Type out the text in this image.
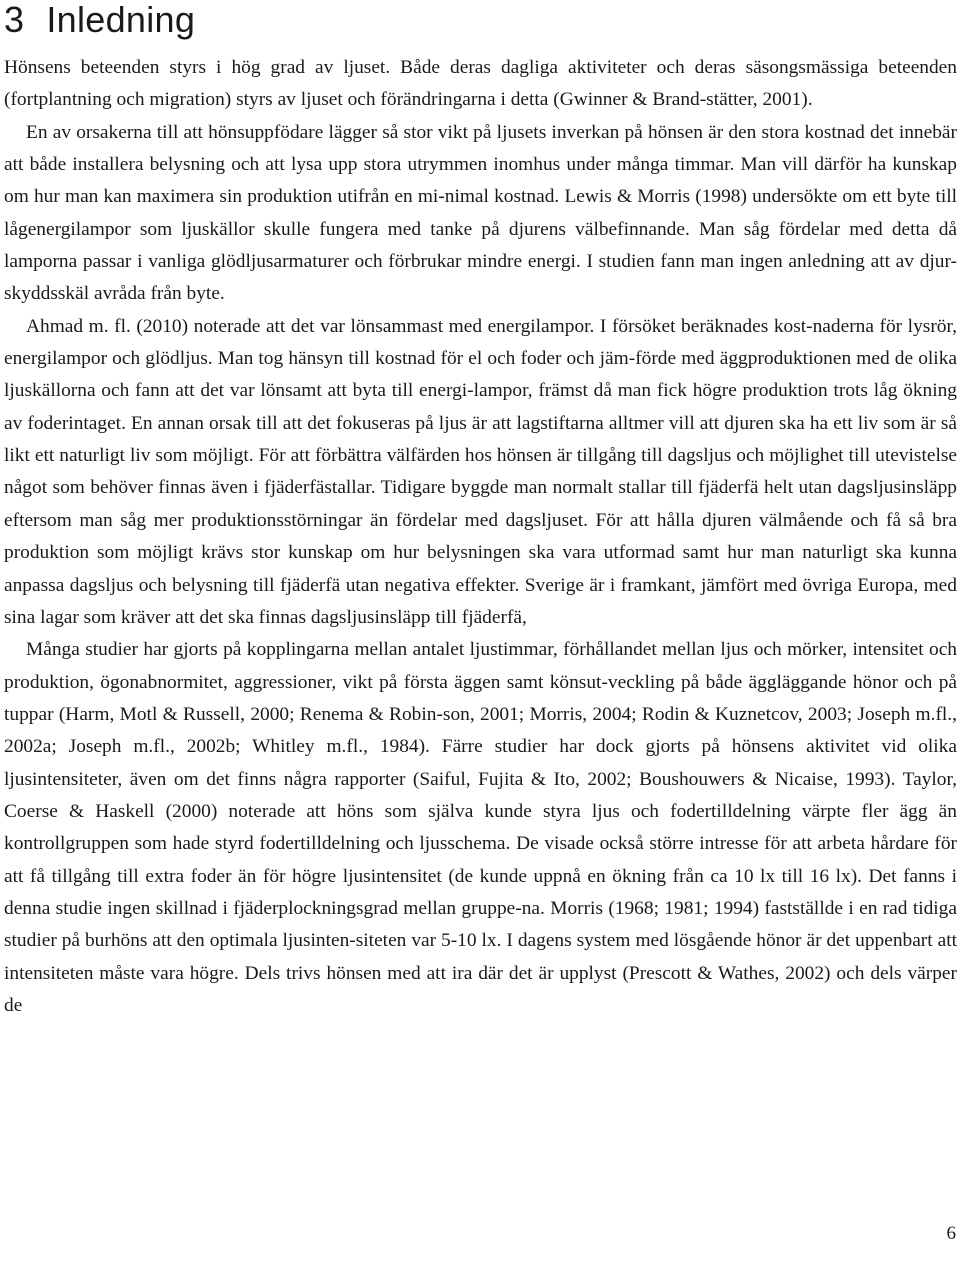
3 Inledning

Hönsens beteenden styrs i hög grad av ljuset. Både deras dagliga aktiviteter och deras säsongsmässiga beteenden (fortplantning och migration) styrs av ljuset och förändringarna i detta (Gwinner & Brand-stätter, 2001).

En av orsakerna till att hönsuppfödare lägger så stor vikt på ljusets inverkan på hönsen är den stora kostnad det innebär att både installera belysning och att lysa upp stora utrymmen inomhus under många timmar. Man vill därför ha kunskap om hur man kan maximera sin produktion utifrån en mi-nimal kostnad. Lewis & Morris (1998) undersökte om ett byte till lågenergilampor som ljuskällor skulle fungera med tanke på djurens välbefinnande. Man såg fördelar med detta då lamporna passar i vanliga glödljusarmaturer och förbrukar mindre energi. I studien fann man ingen anledning att av djur-skyddsskäl avråda från byte.

Ahmad m. fl. (2010) noterade att det var lönsammast med energilampor. I försöket beräknades kost-naderna för lysrör, energilampor och glödljus. Man tog hänsyn till kostnad för el och foder och jäm-förde med äggproduktionen med de olika ljuskällorna och fann att det var lönsamt att byta till energi-lampor, främst då man fick högre produktion trots låg ökning av foderintaget. En annan orsak till att det fokuseras på ljus är att lagstiftarna alltmer vill att djuren ska ha ett liv som är så likt ett naturligt liv som möjligt. För att förbättra välfärden hos hönsen är tillgång till dagsljus och möjlighet till utevistelse något som behöver finnas även i fjäderfästallar. Tidigare byggde man normalt stallar till fjäderfä helt utan dagsljusinsläpp eftersom man såg mer produktionsstörningar än fördelar med dagsljuset. För att hålla djuren välmående och få så bra produktion som möjligt krävs stor kunskap om hur belysningen ska vara utformad samt hur man naturligt ska kunna anpassa dagsljus och belysning till fjäderfä utan negativa effekter. Sverige är i framkant, jämfört med övriga Europa, med sina lagar som kräver att det ska finnas dagsljusinsläpp till fjäderfä,

Många studier har gjorts på kopplingarna mellan antalet ljustimmar, förhållandet mellan ljus och mörker, intensitet och produktion, ögonabnormitet, aggressioner, vikt på första äggen samt könsut-veckling på både äggläggande hönor och på tuppar (Harm, Motl & Russell, 2000; Renema & Robin-son, 2001; Morris, 2004; Rodin & Kuznetcov, 2003; Joseph m.fl., 2002a; Joseph m.fl., 2002b; Whitley m.fl., 1984). Färre studier har dock gjorts på hönsens aktivitet vid olika ljusintensiteter, även om det finns några rapporter (Saiful, Fujita & Ito, 2002; Boushouwers & Nicaise, 1993). Taylor, Coerse & Haskell (2000) noterade att höns som själva kunde styra ljus och fodertilldelning värpte fler ägg än kontrollgruppen som hade styrd fodertilldelning och ljusschema. De visade också större intresse för att arbeta hårdare för att få tillgång till extra foder än för högre ljusintensitet (de kunde uppnå en ökning från ca 10 lx till 16 lx). Det fanns i denna studie ingen skillnad i fjäderplockningsgrad mellan gruppe-na. Morris (1968; 1981; 1994) fastställde i en rad tidiga studier på burhöns att den optimala ljusinten-siteten var 5-10 lx. I dagens system med lösgående hönor är det uppenbart att intensiteten måste vara högre. Dels trivs hönsen med att ira där det är upplyst (Prescott & Wathes, 2002) och dels värper de

6
